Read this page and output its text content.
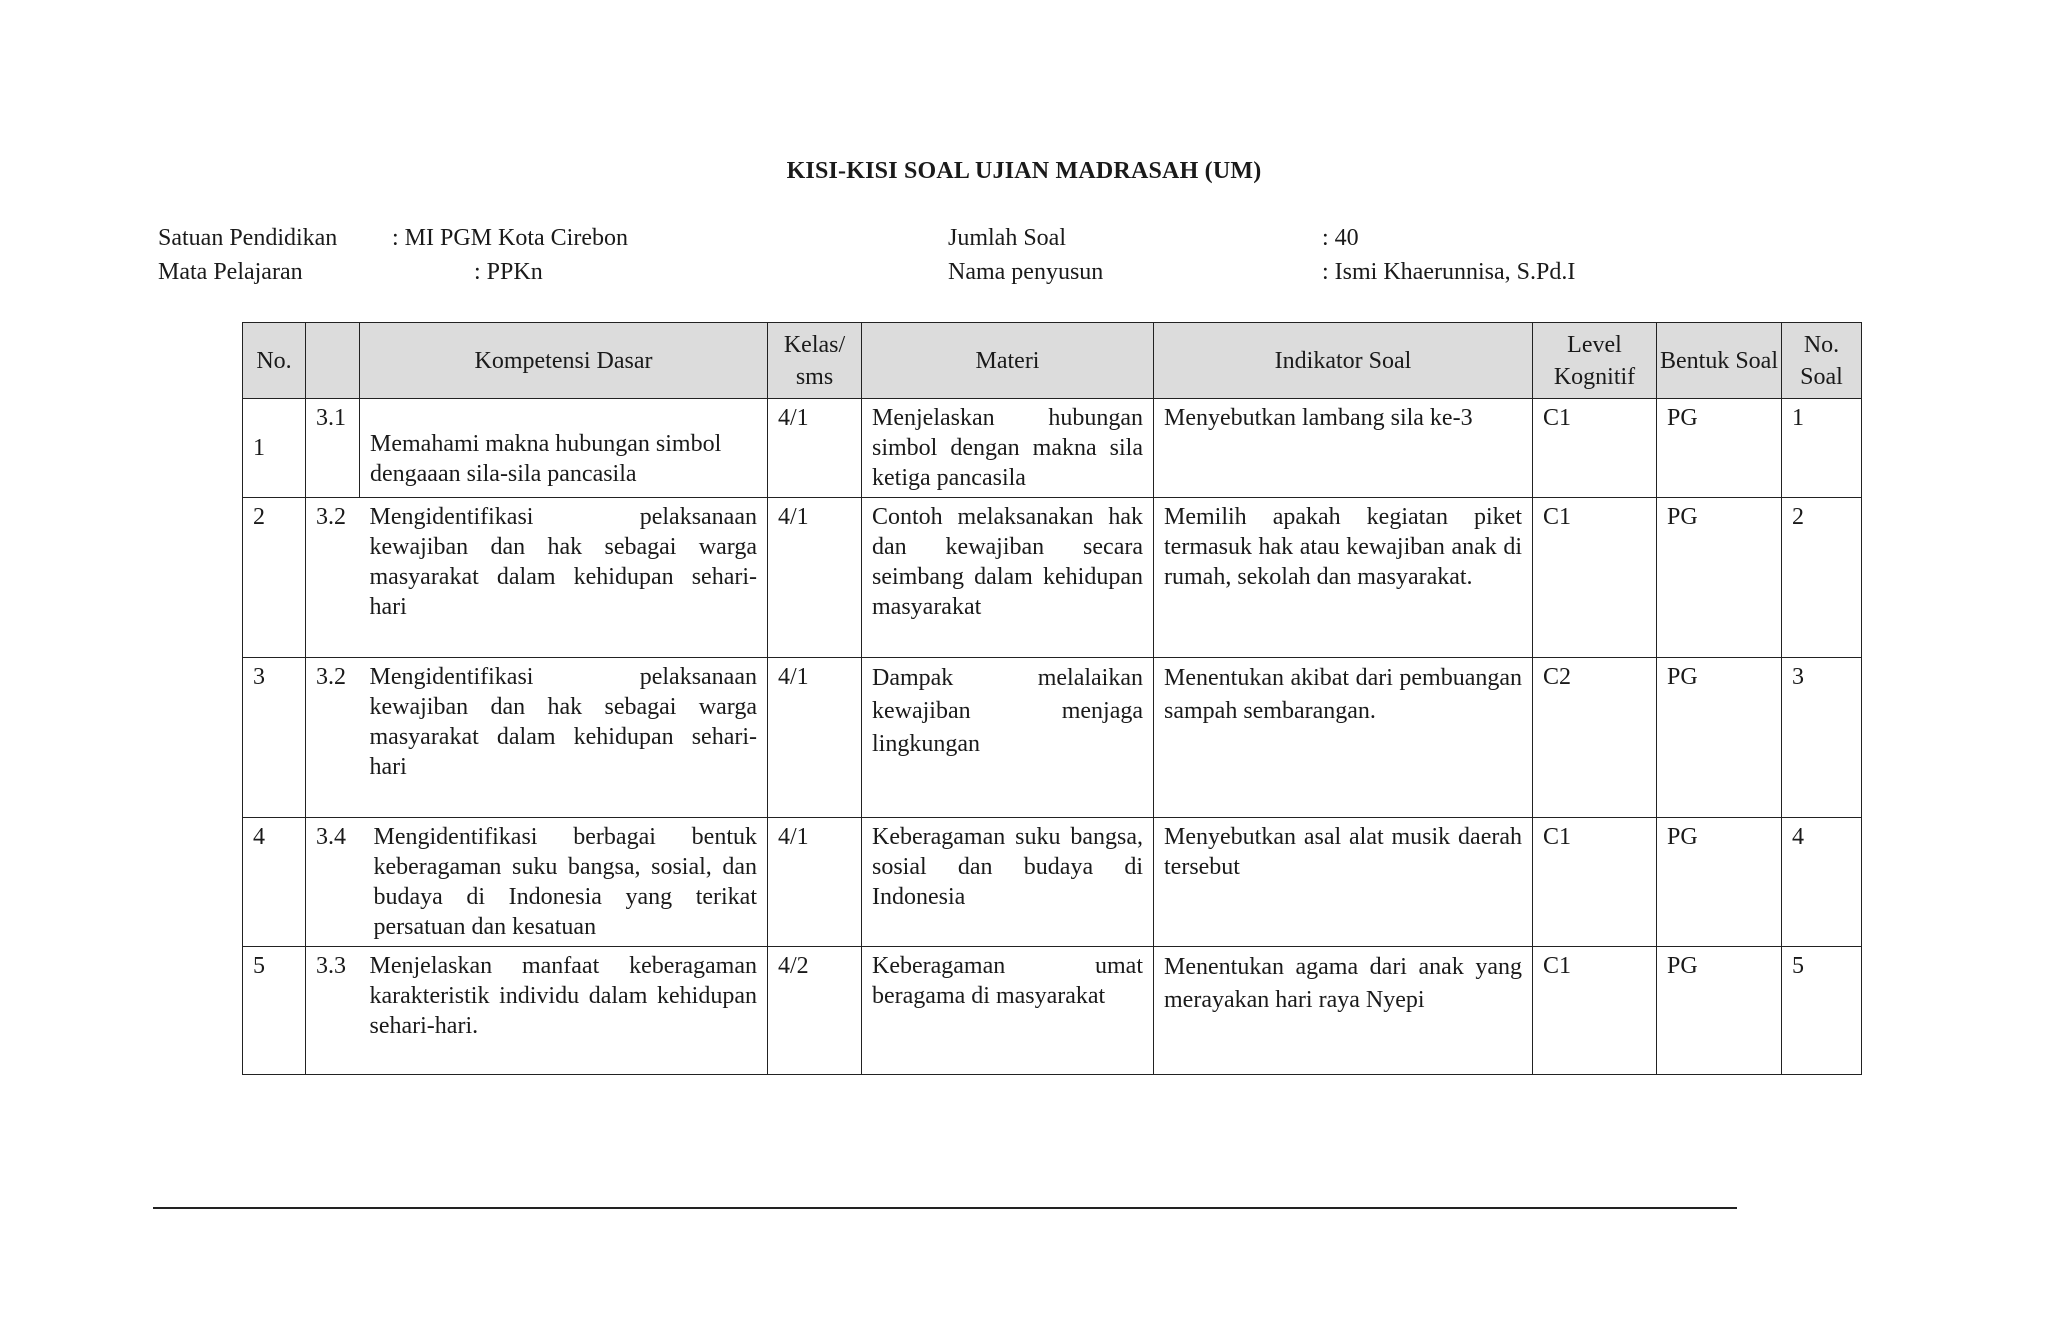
KISI-KISI SOAL UJIAN MADRASAH (UM)
Satuan Pendidikan : MI PGM Kota Cirebon
Mata Pelajaran	: PPKn
Jumlah Soal	: 40
Nama penyusun	: Ismi Khaerunnisa, S.Pd.I
No.		Kompetensi Dasar	Kelas/ sms	Materi	Indikator Soal	Level Kognitif	Bentuk Soal	No. Soal
1	3.1	Memahami makna hubungan simbol dengaaan sila-sila pancasila	4/1	Menjelaskan hubungan simbol dengan makna sila ketiga pancasila	Menyebutkan lambang sila ke-3	C1	PG	1
2	3.2	Mengidentifikasi pelaksanaan kewajiban dan hak sebagai warga masyarakat dalam kehidupan sehari-hari	4/1	Contoh melaksanakan hak dan kewajiban secara seimbang dalam kehidupan masyarakat	Memilih apakah kegiatan piket termasuk hak atau kewajiban anak di rumah, sekolah dan masyarakat.	C1	PG	2
3	3.2	Mengidentifikasi pelaksanaan kewajiban dan hak sebagai warga masyarakat dalam kehidupan sehari-hari	4/1	Dampak melalaikan kewajiban menjaga lingkungan	Menentukan akibat dari pembuangan sampah sembarangan.	C2	PG	3
4	3.4	Mengidentifikasi berbagai bentuk keberagaman suku bangsa, sosial, dan budaya di Indonesia yang terikat persatuan dan kesatuan	4/1	Keberagaman suku bangsa, sosial dan budaya di Indonesia	Menyebutkan asal alat musik daerah tersebut	C1	PG	4
5	3.3	Menjelaskan manfaat keberagaman karakteristik individu dalam kehidupan sehari-hari.	4/2	Keberagaman umat beragama di masyarakat	Menentukan agama dari anak yang merayakan hari raya Nyepi	C1	PG	5
